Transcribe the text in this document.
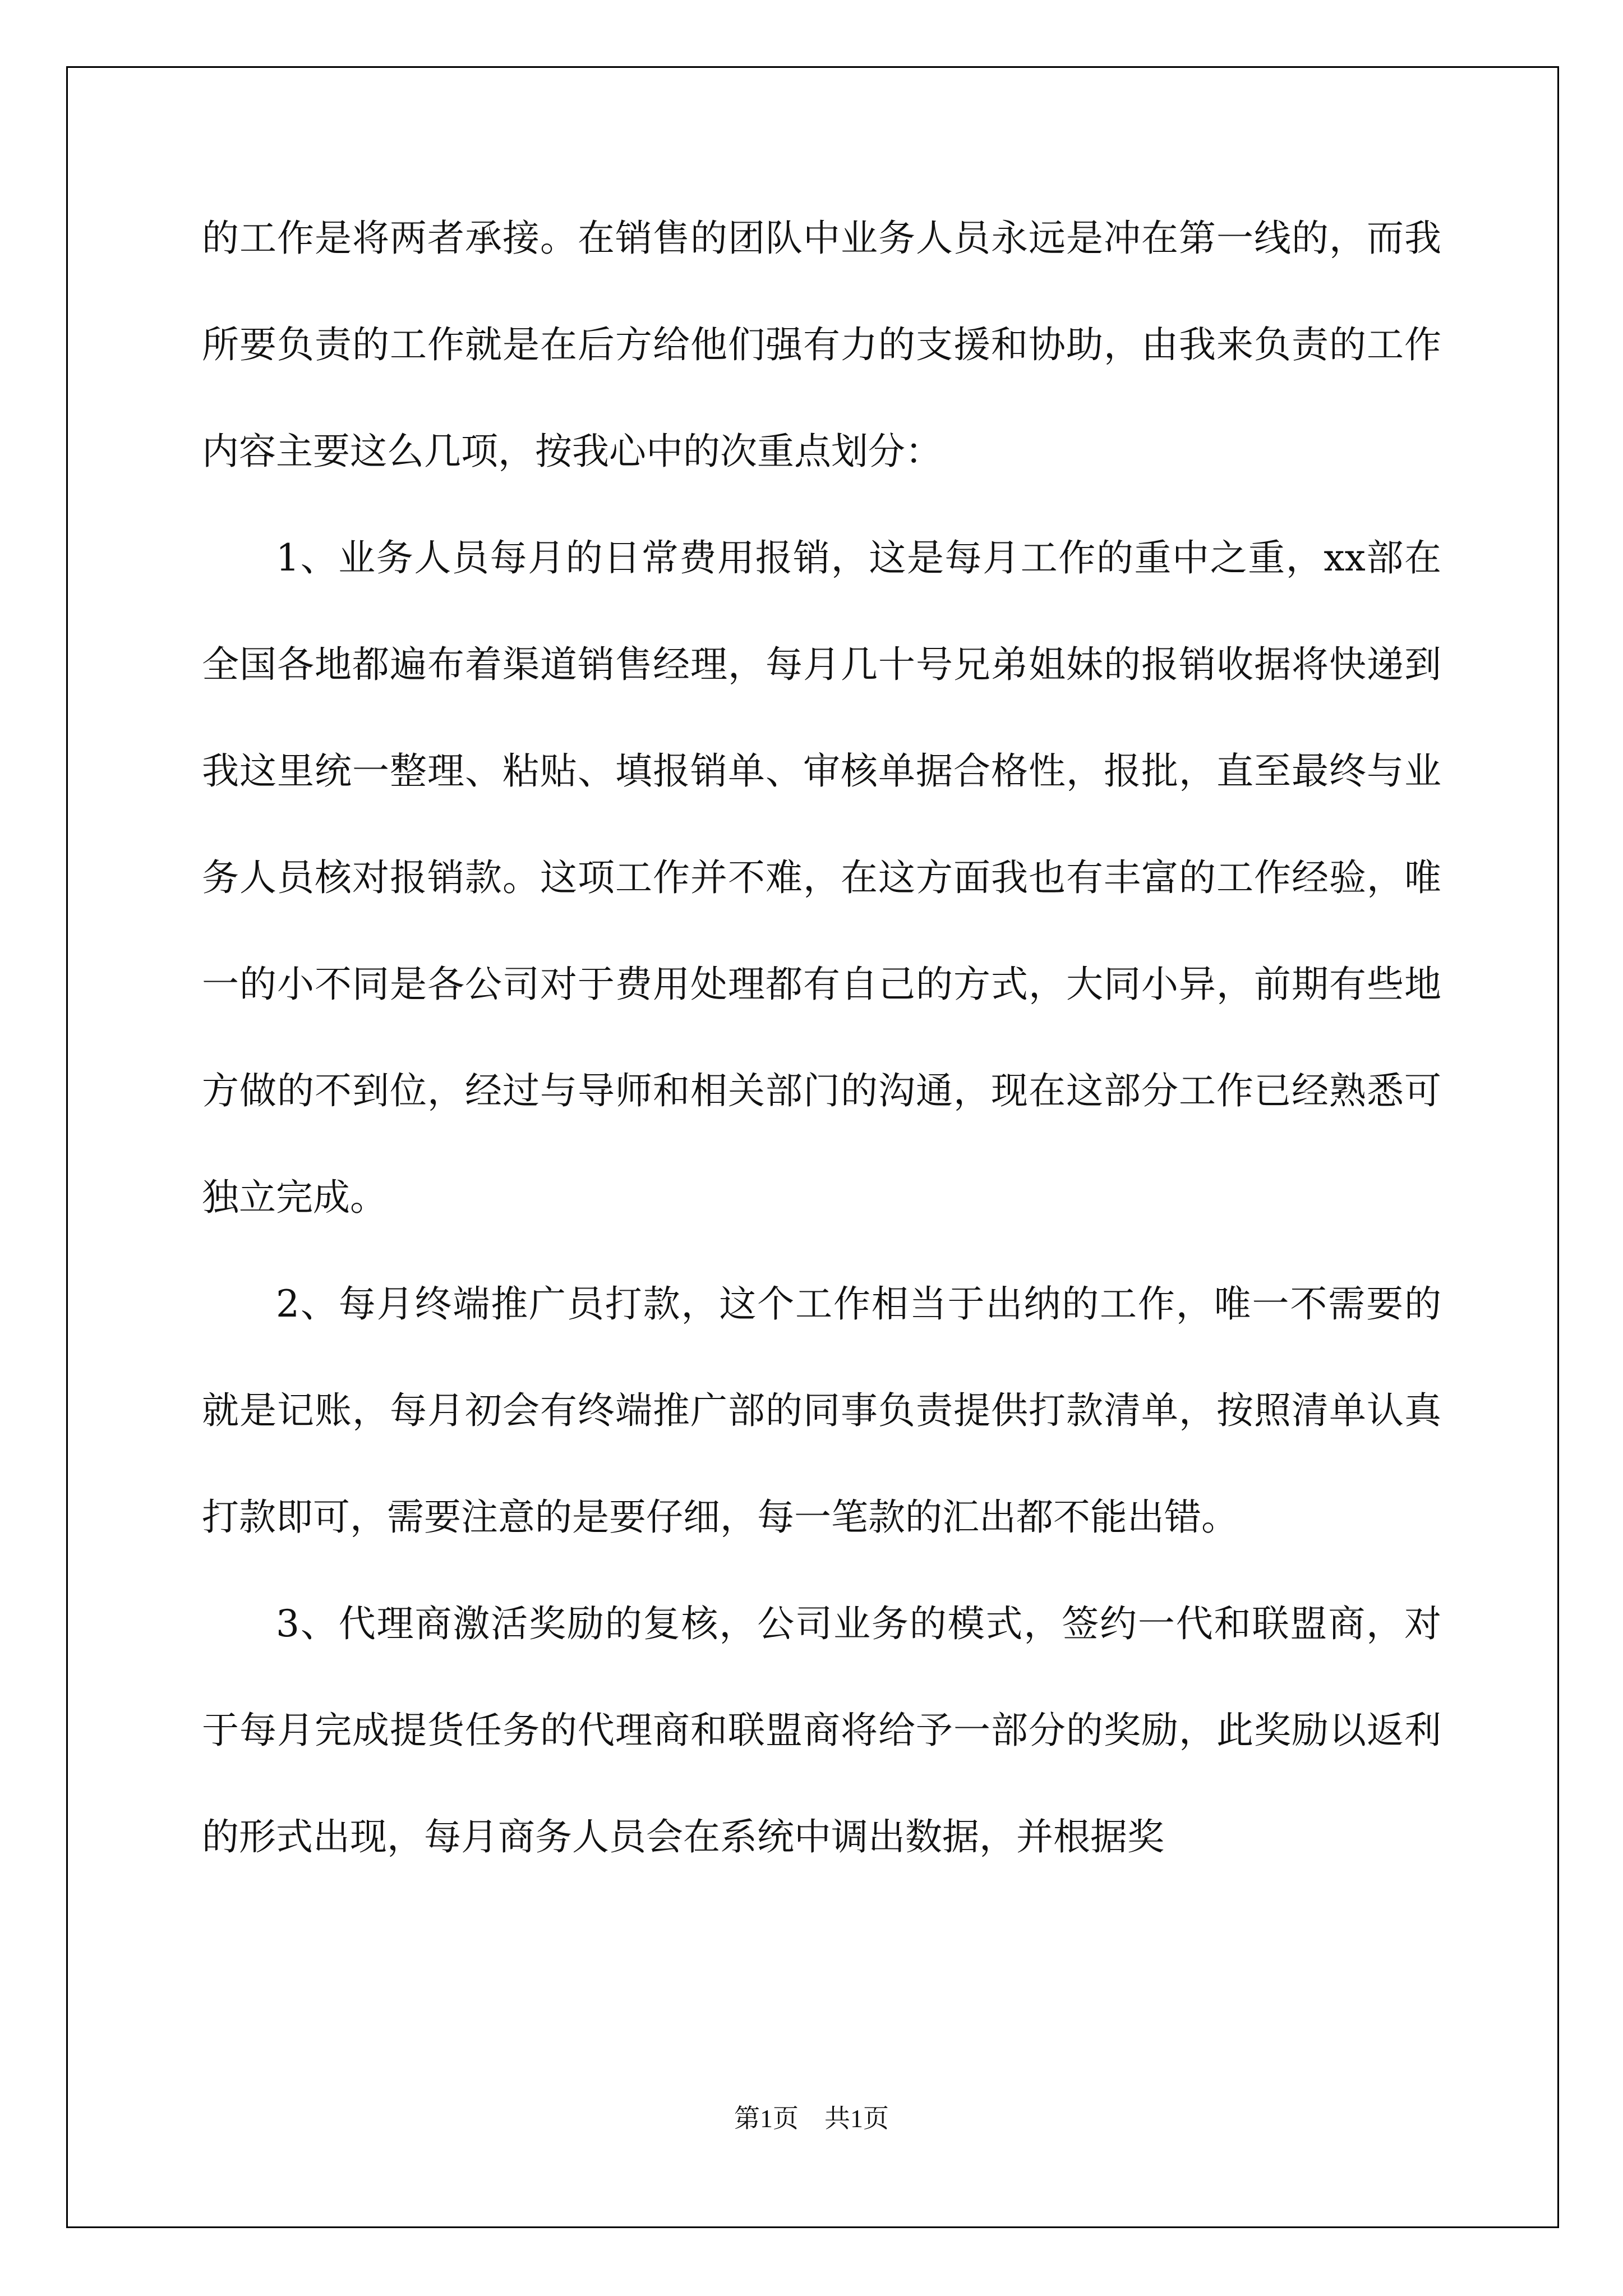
的工作是将两者承接。在销售的团队中业务人员永远是冲在第一线的，而我所要负责的工作就是在后方给他们强有力的支援和协助，由我来负责的工作内容主要这么几项，按我心中的次重点划分：

1、业务人员每月的日常费用报销，这是每月工作的重中之重，xx部在全国各地都遍布着渠道销售经理，每月几十号兄弟姐妹的报销收据将快递到我这里统一整理、粘贴、填报销单、审核单据合格性，报批，直至最终与业务人员核对报销款。这项工作并不难，在这方面我也有丰富的工作经验，唯一的小不同是各公司对于费用处理都有自己的方式，大同小异，前期有些地方做的不到位，经过与导师和相关部门的沟通，现在这部分工作已经熟悉可独立完成。

2、每月终端推广员打款，这个工作相当于出纳的工作，唯一不需要的就是记账，每月初会有终端推广部的同事负责提供打款清单，按照清单认真打款即可，需要注意的是要仔细，每一笔款的汇出都不能出错。

3、代理商激活奖励的复核，公司业务的模式，签约一代和联盟商，对于每月完成提货任务的代理商和联盟商将给予一部分的奖励，此奖励以返利的形式出现，每月商务人员会在系统中调出数据，并根据奖

第1页　共1页
